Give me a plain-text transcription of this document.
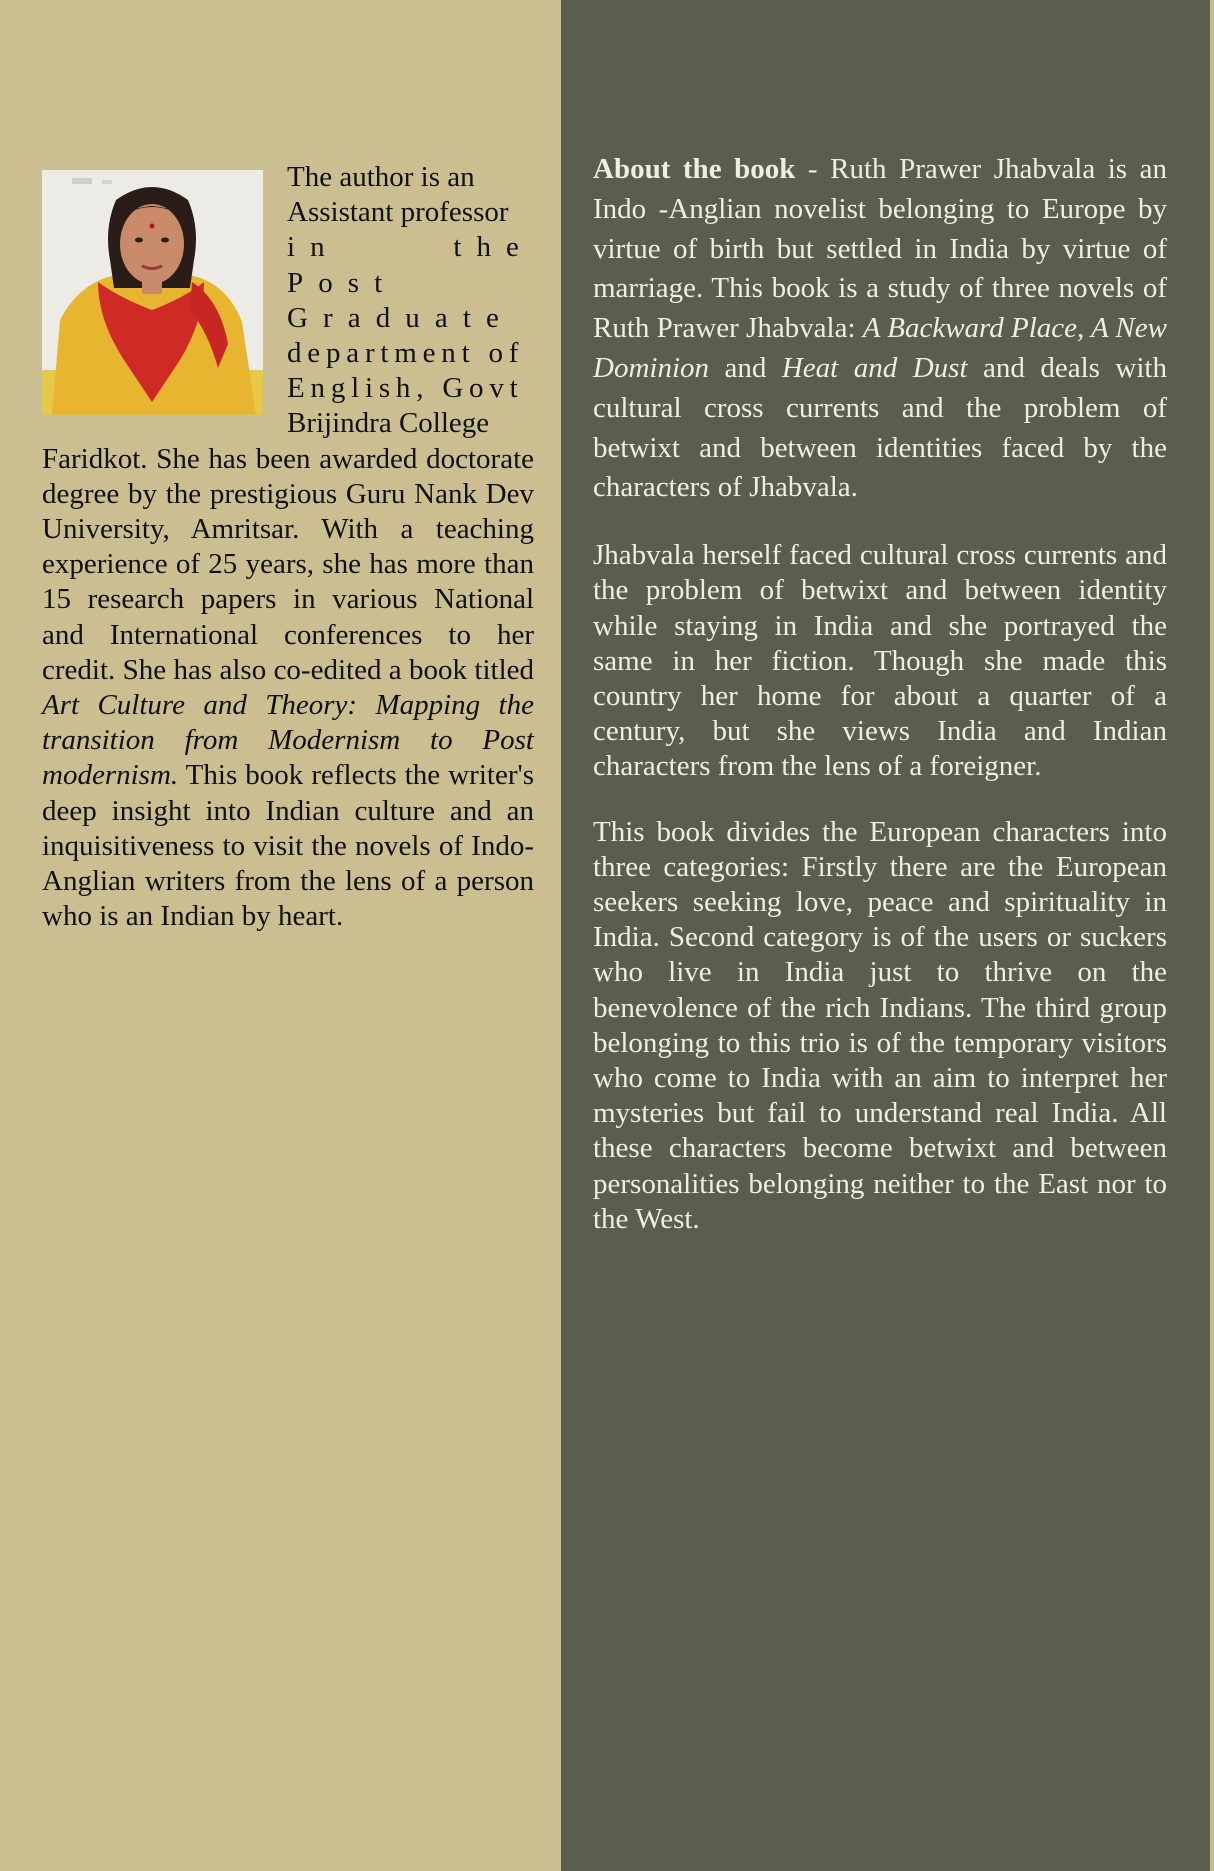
The author is an
Assistant professor
in the Post
Graduate
department of
English, Govt
Brijindra College
Faridkot. She has been awarded doctorate degree by the prestigious Guru Nank Dev University, Amritsar. With a teaching experience of 25 years, she has more than 15 research papers in various National and International conferences to her credit. She has also co-edited a book titled Art Culture and Theory: Mapping the transition from Modernism to Post modernism. This book reflects the writer's deep insight into Indian culture and an inquisitiveness to visit the novels of Indo- Anglian writers from the lens of a person who is an Indian by heart.

About the book - Ruth Prawer Jhabvala is an Indo -Anglian novelist belonging to Europe by virtue of birth but settled in India by virtue of marriage. This book is a study of three novels of Ruth Prawer Jhabvala: A Backward Place, A New Dominion and Heat and Dust and deals with cultural cross currents and the problem of betwixt and between identities faced by the characters of Jhabvala.

Jhabvala herself faced cultural cross currents and the problem of betwixt and between identity while staying in India and she portrayed the same in her fiction. Though she made this country her home for about a quarter of a century, but she views India and Indian characters from the lens of a foreigner.

This book divides the European characters into three categories: Firstly there are the European seekers seeking love, peace and spirituality in India. Second category is of the users or suckers who live in India just to thrive on the benevolence of the rich Indians. The third group belonging to this trio is of the temporary visitors who come to India with an aim to interpret her mysteries but fail to understand real India. All these characters become betwixt and between personalities belonging neither to the East nor to the West.
